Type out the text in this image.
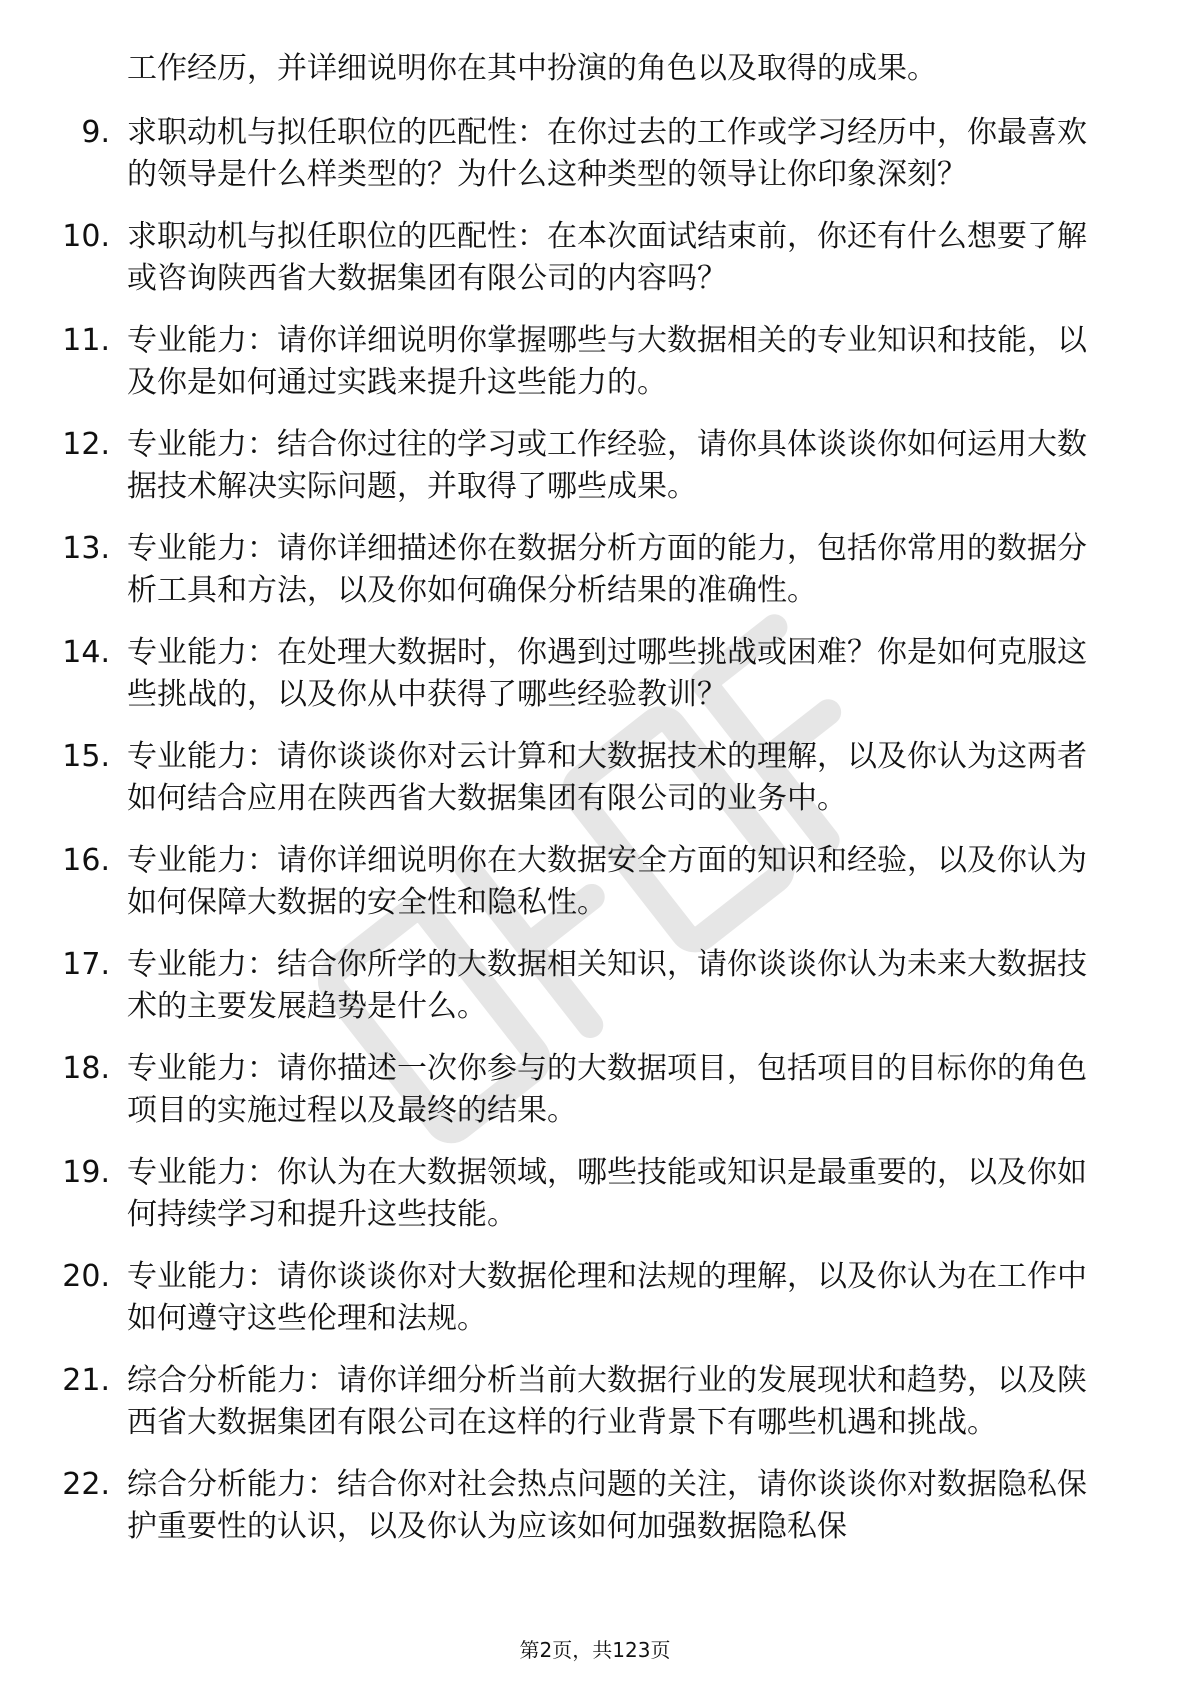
工作经历，并详细说明你在其中扮演的角色以及取得的成果。

9. 求职动机与拟任职位的匹配性：在你过去的工作或学习经历中，你最喜欢的领导是什么样类型的？为什么这种类型的领导让你印象深刻？
10. 求职动机与拟任职位的匹配性：在本次面试结束前，你还有什么想要了解或咨询陕西省大数据集团有限公司的内容吗？
11. 专业能力：请你详细说明你掌握哪些与大数据相关的专业知识和技能，以及你是如何通过实践来提升这些能力的。
12. 专业能力：结合你过往的学习或工作经验，请你具体谈谈你如何运用大数据技术解决实际问题，并取得了哪些成果。
13. 专业能力：请你详细描述你在数据分析方面的能力，包括你常用的数据分析工具和方法，以及你如何确保分析结果的准确性。
14. 专业能力：在处理大数据时，你遇到过哪些挑战或困难？你是如何克服这些挑战的，以及你从中获得了哪些经验教训？
15. 专业能力：请你谈谈你对云计算和大数据技术的理解，以及你认为这两者如何结合应用在陕西省大数据集团有限公司的业务中。
16. 专业能力：请你详细说明你在大数据安全方面的知识和经验，以及你认为如何保障大数据的安全性和隐私性。
17. 专业能力：结合你所学的大数据相关知识，请你谈谈你认为未来大数据技术的主要发展趋势是什么。
18. 专业能力：请你描述一次你参与的大数据项目，包括项目的目标你的角色项目的实施过程以及最终的结果。
19. 专业能力：你认为在大数据领域，哪些技能或知识是最重要的，以及你如何持续学习和提升这些技能。
20. 专业能力：请你谈谈你对大数据伦理和法规的理解，以及你认为在工作中如何遵守这些伦理和法规。
21. 综合分析能力：请你详细分析当前大数据行业的发展现状和趋势，以及陕西省大数据集团有限公司在这样的行业背景下有哪些机遇和挑战。
22. 综合分析能力：结合你对社会热点问题的关注，请你谈谈你对数据隐私保护重要性的认识，以及你认为应该如何加强数据隐私保
第2页，共123页
